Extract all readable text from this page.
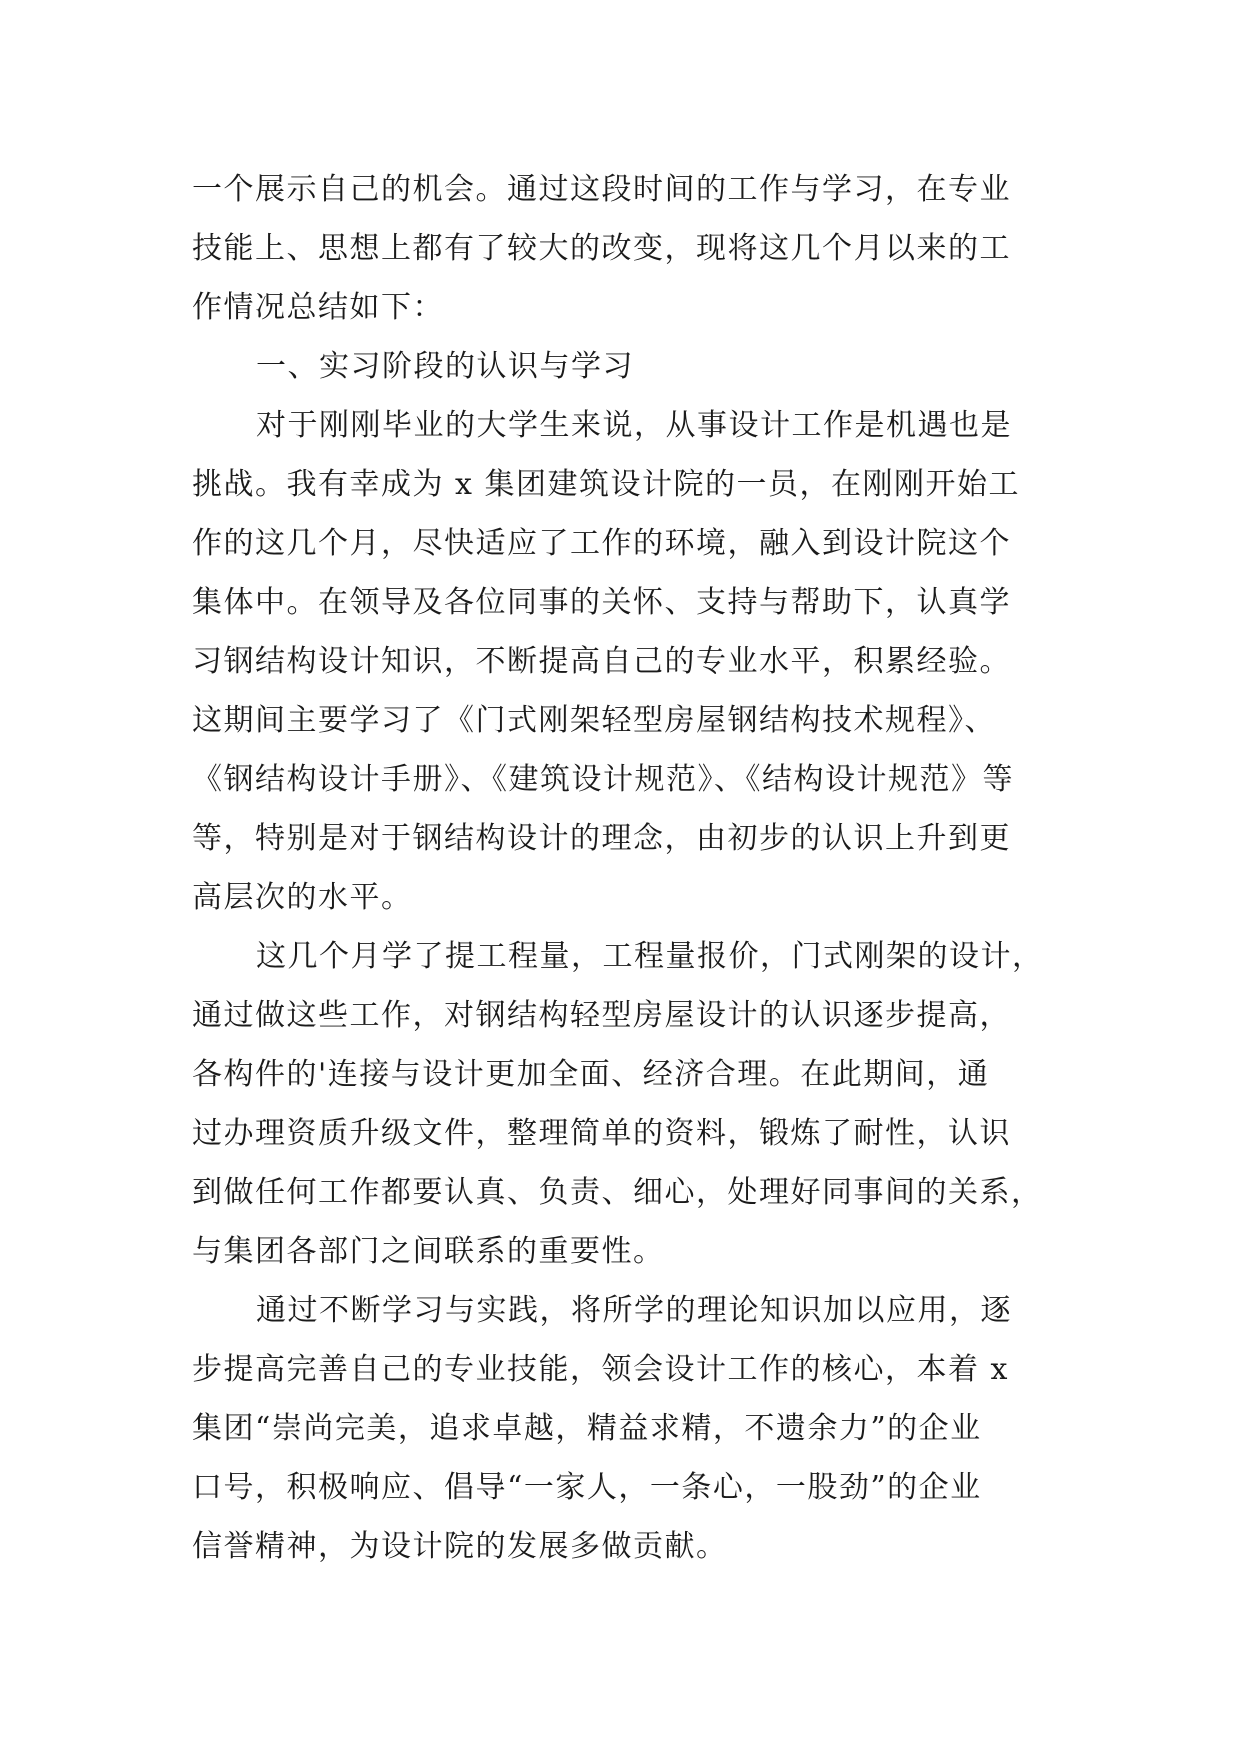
一个展示自己的机会。通过这段时间的工作与学习，在专业
技能上、思想上都有了较大的改变，现将这几个月以来的工
作情况总结如下：
一、实习阶段的认识与学习
对于刚刚毕业的大学生来说，从事设计工作是机遇也是
挑战。我有幸成为 x 集团建筑设计院的一员，在刚刚开始工
作的这几个月，尽快适应了工作的环境，融入到设计院这个
集体中。在领导及各位同事的关怀、支持与帮助下，认真学
习钢结构设计知识，不断提高自己的专业水平，积累经验。
这期间主要学习了《门式刚架轻型房屋钢结构技术规程》、
《钢结构设计手册》、《建筑设计规范》、《结构设计规范》等
等，特别是对于钢结构设计的理念，由初步的认识上升到更
高层次的水平。
这几个月学了提工程量，工程量报价，门式刚架的设计，
通过做这些工作，对钢结构轻型房屋设计的认识逐步提高，
各构件的'连接与设计更加全面、经济合理。在此期间，通
过办理资质升级文件，整理简单的资料，锻炼了耐性，认识
到做任何工作都要认真、负责、细心，处理好同事间的关系，
与集团各部门之间联系的重要性。
通过不断学习与实践，将所学的理论知识加以应用，逐
步提高完善自己的专业技能，领会设计工作的核心，本着 x
集团“崇尚完美，追求卓越，精益求精，不遗余力”的企业
口号，积极响应、倡导“一家人，一条心，一股劲”的企业
信誉精神，为设计院的发展多做贡献。
